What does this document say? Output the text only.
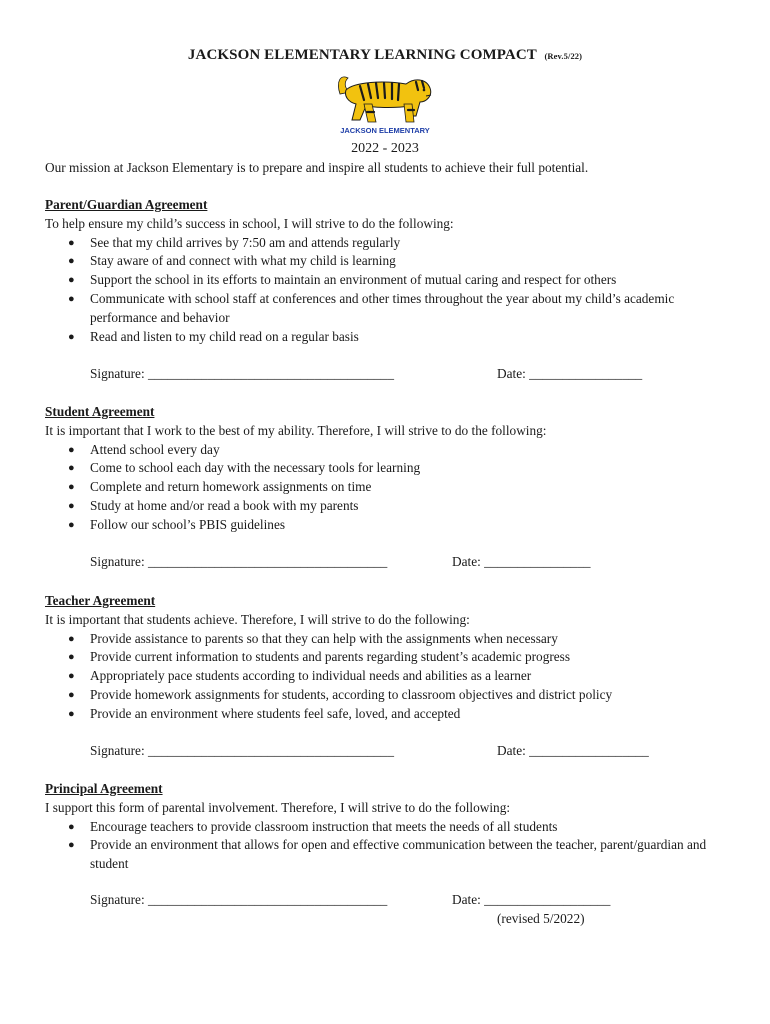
JACKSON ELEMENTARY LEARNING COMPACT (Rev.5/22)
JACKSON ELEMENTARY
2022 - 2023
Our mission at Jackson Elementary is to prepare and inspire all students to achieve their full potential.
Parent/Guardian Agreement
To help ensure my child’s success in school, I will strive to do the following:
● See that my child arrives by 7:50 am and attends regularly
● Stay aware of and connect with what my child is learning
● Support the school in its efforts to maintain an environment of mutual caring and respect for others
● Communicate with school staff at conferences and other times throughout the year about my child’s academic performance and behavior
● Read and listen to my child read on a regular basis
Signature: _____________________________________	Date: _________________
Student Agreement
It is important that I work to the best of my ability. Therefore, I will strive to do the following:
● Attend school every day
● Come to school each day with the necessary tools for learning
● Complete and return homework assignments on time
● Study at home and/or read a book with my parents
● Follow our school’s PBIS guidelines
Signature: ____________________________________	Date: ________________
Teacher Agreement
It is important that students achieve. Therefore, I will strive to do the following:
● Provide assistance to parents so that they can help with the assignments when necessary
● Provide current information to students and parents regarding student’s academic progress
● Appropriately pace students according to individual needs and abilities as a learner
● Provide homework assignments for students, according to classroom objectives and district policy
● Provide an environment where students feel safe, loved, and accepted
Signature: _____________________________________	Date: __________________
Principal Agreement
I support this form of parental involvement. Therefore, I will strive to do the following:
● Encourage teachers to provide classroom instruction that meets the needs of all students
● Provide an environment that allows for open and effective communication between the teacher, parent/guardian and student
Signature: ____________________________________	Date: ___________________
(revised 5/2022)
